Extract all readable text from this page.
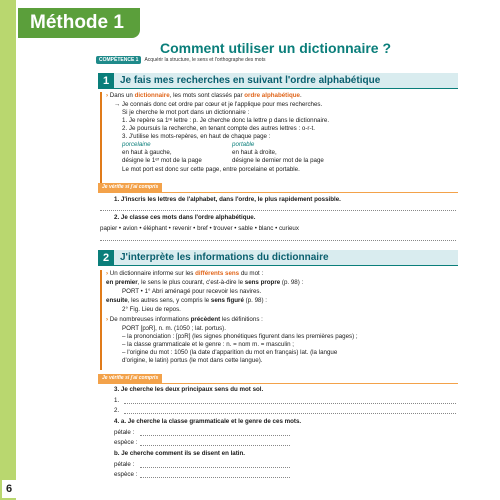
6
Méthode 1
Comment utiliser un dictionnaire ?
COMPÉTENCE 1	Acquérir la structure, le sens et l'orthographe des mots
1	Je fais mes recherches en suivant l'ordre alphabétique
› Dans un dictionnaire, les mots sont classés par ordre alphabétique.
→ Je connais donc cet ordre par cœur et je l'applique pour mes recherches.
Si je cherche le mot port dans un dictionnaire :
1. Je repère sa 1ʳᵉ lettre : p. Je cherche donc la lettre p dans le dictionnaire.
2. Je poursuis la recherche, en tenant compte des autres lettres : o-r-t.
3. J'utilise les mots-repères, en haut de chaque page :
porcelaine
en haut à gauche,
désigne le 1ᵉʳ mot de la page
portable
en haut à droite,
désigne le dernier mot de la page
Le mot port est donc sur cette page, entre porcelaine et portable.
Je vérifie si j'ai compris
1. J'inscris les lettres de l'alphabet, dans l'ordre, le plus rapidement possible.
2. Je classe ces mots dans l'ordre alphabétique.
papier • avion • éléphant • revenir • bref • trouver • sable • blanc • curieux
2	J'interprète les informations du dictionnaire
› Un dictionnaire informe sur les différents sens du mot :
en premier, le sens le plus courant, c'est-à-dire le sens propre (p. 98) :
PORT • 1° Abri aménagé pour recevoir les navires.
ensuite, les autres sens, y compris le sens figuré (p. 98) :
2° Fig. Lieu de repos.
› De nombreuses informations précèdent les définitions :
PORT [pɔR], n. m. (1050 ; lat. portus).
– la prononciation : [pɔR] (les signes phonétiques figurent dans les premières pages) ;
– la classe grammaticale et le genre : n. = nom m. = masculin ;
– l'origine du mot : 1050 (la date d'apparition du mot en français) lat. (la langue
d'origine, le latin) portus (le mot dans cette langue).
Je vérifie si j'ai compris
3. Je cherche les deux principaux sens du mot sol.
1.
2.
4. a. Je cherche la classe grammaticale et le genre de ces mots.
pétale :
espèce :
b. Je cherche comment ils se disent en latin.
pétale :
espèce :
